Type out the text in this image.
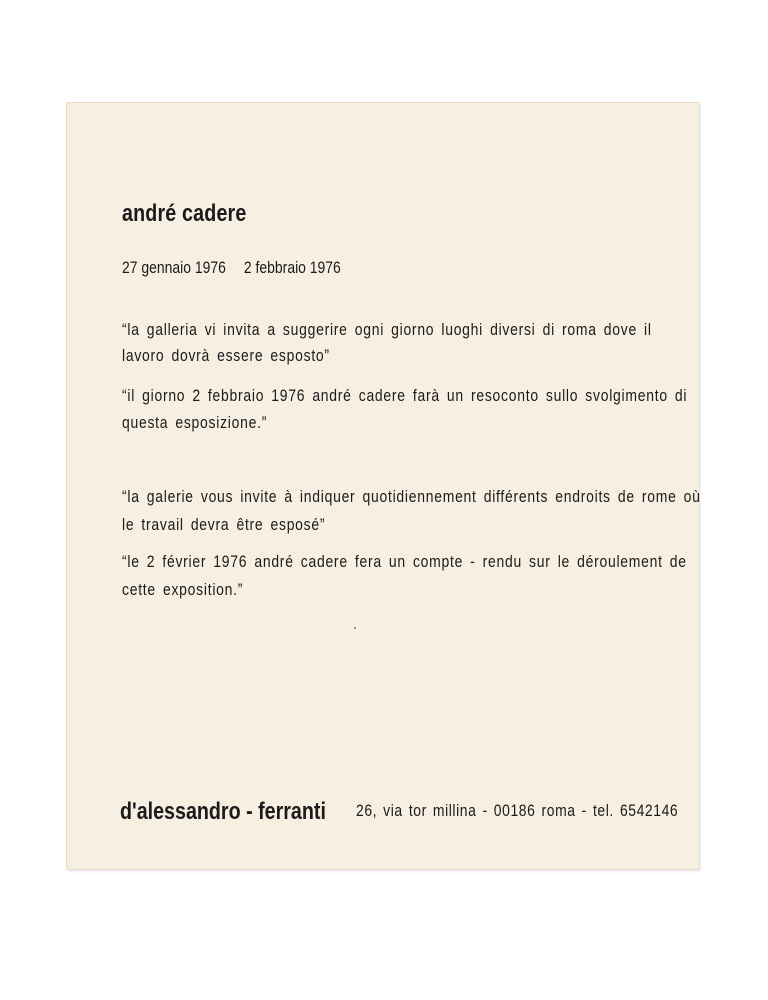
andré cadere

27 gennaio 1976 2 febbraio 1976

“la galleria vi invita a suggerire ogni giorno luoghi diversi di roma dove il

lavoro dovrà essere esposto”

“il giorno 2 febbraio 1976 andré cadere farà un resoconto sullo svolgimento di

questa esposizione.”

“la galerie vous invite à indiquer quotidiennement différents endroits de rome où

le travail devra être esposé”

“le 2 février 1976 andré cadere fera un compte - rendu sur le déroulement de

cette exposition.”

d'alessandro - ferranti 26, via tor millina - 00186 roma - tel. 6542146
